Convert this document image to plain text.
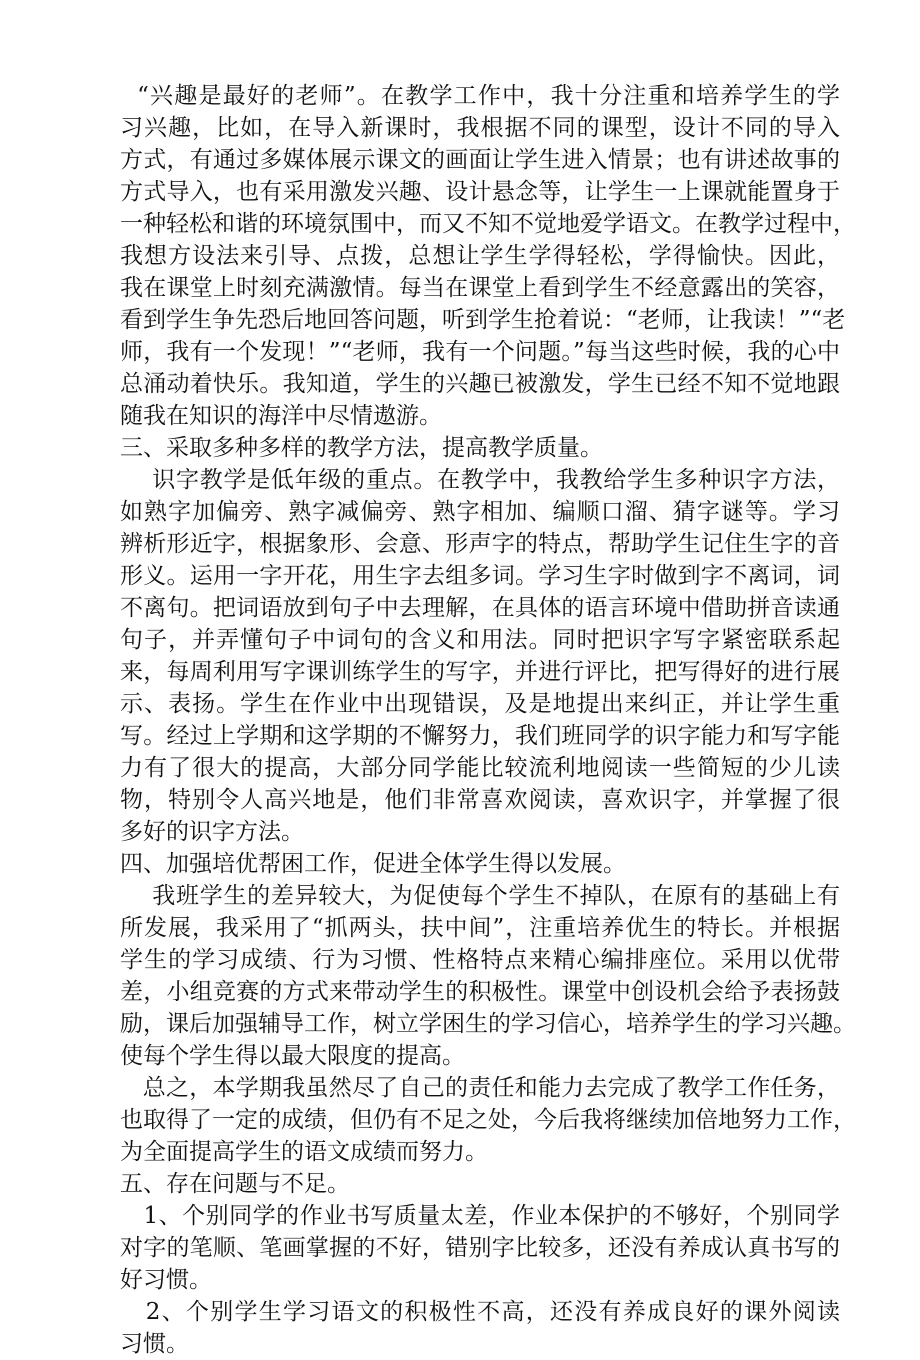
“兴趣是最好的老师”。在教学工作中，我十分注重和培养学生的学
习兴趣，比如，在导入新课时，我根据不同的课型，设计不同的导入
方式，有通过多媒体展示课文的画面让学生进入情景；也有讲述故事的
方式导入，也有采用激发兴趣、设计悬念等，让学生一上课就能置身于
一种轻松和谐的环境氛围中，而又不知不觉地爱学语文。在教学过程中，
我想方设法来引导、点拨，总想让学生学得轻松，学得愉快。因此，
我在课堂上时刻充满激情。每当在课堂上看到学生不经意露出的笑容，
看到学生争先恐后地回答问题，听到学生抢着说：“老师，让我读！”“老
师，我有一个发现！”“老师，我有一个问题。”每当这些时候，我的心中
总涌动着快乐。我知道，学生的兴趣已被激发，学生已经不知不觉地跟
随我在知识的海洋中尽情遨游。
三、采取多种多样的教学方法，提高教学质量。
识字教学是低年级的重点。在教学中，我教给学生多种识字方法，
如熟字加偏旁、熟字减偏旁、熟字相加、编顺口溜、猜字谜等。学习
辨析形近字，根据象形、会意、形声字的特点，帮助学生记住生字的音
形义。运用一字开花，用生字去组多词。学习生字时做到字不离词，词
不离句。把词语放到句子中去理解，在具体的语言环境中借助拼音读通
句子，并弄懂句子中词句的含义和用法。同时把识字写字紧密联系起
来，每周利用写字课训练学生的写字，并进行评比，把写得好的进行展
示、表扬。学生在作业中出现错误，及是地提出来纠正，并让学生重
写。经过上学期和这学期的不懈努力，我们班同学的识字能力和写字能
力有了很大的提高，大部分同学能比较流利地阅读一些简短的少儿读
物，特别令人高兴地是，他们非常喜欢阅读，喜欢识字，并掌握了很
多好的识字方法。
四、加强培优帮困工作，促进全体学生得以发展。
我班学生的差异较大，为促使每个学生不掉队，在原有的基础上有
所发展，我采用了“抓两头，扶中间”，注重培养优生的特长。并根据
学生的学习成绩、行为习惯、性格特点来精心编排座位。采用以优带
差，小组竞赛的方式来带动学生的积极性。课堂中创设机会给予表扬鼓
励，课后加强辅导工作，树立学困生的学习信心，培养学生的学习兴趣。
使每个学生得以最大限度的提高。
总之，本学期我虽然尽了自己的责任和能力去完成了教学工作任务，
也取得了一定的成绩，但仍有不足之处，今后我将继续加倍地努力工作，
为全面提高学生的语文成绩而努力。
五、存在问题与不足。
1、个别同学的作业书写质量太差，作业本保护的不够好，个别同学
对字的笔顺、笔画掌握的不好，错别字比较多，还没有养成认真书写的
好习惯。
2、个别学生学习语文的积极性不高，还没有养成良好的课外阅读
习惯。
